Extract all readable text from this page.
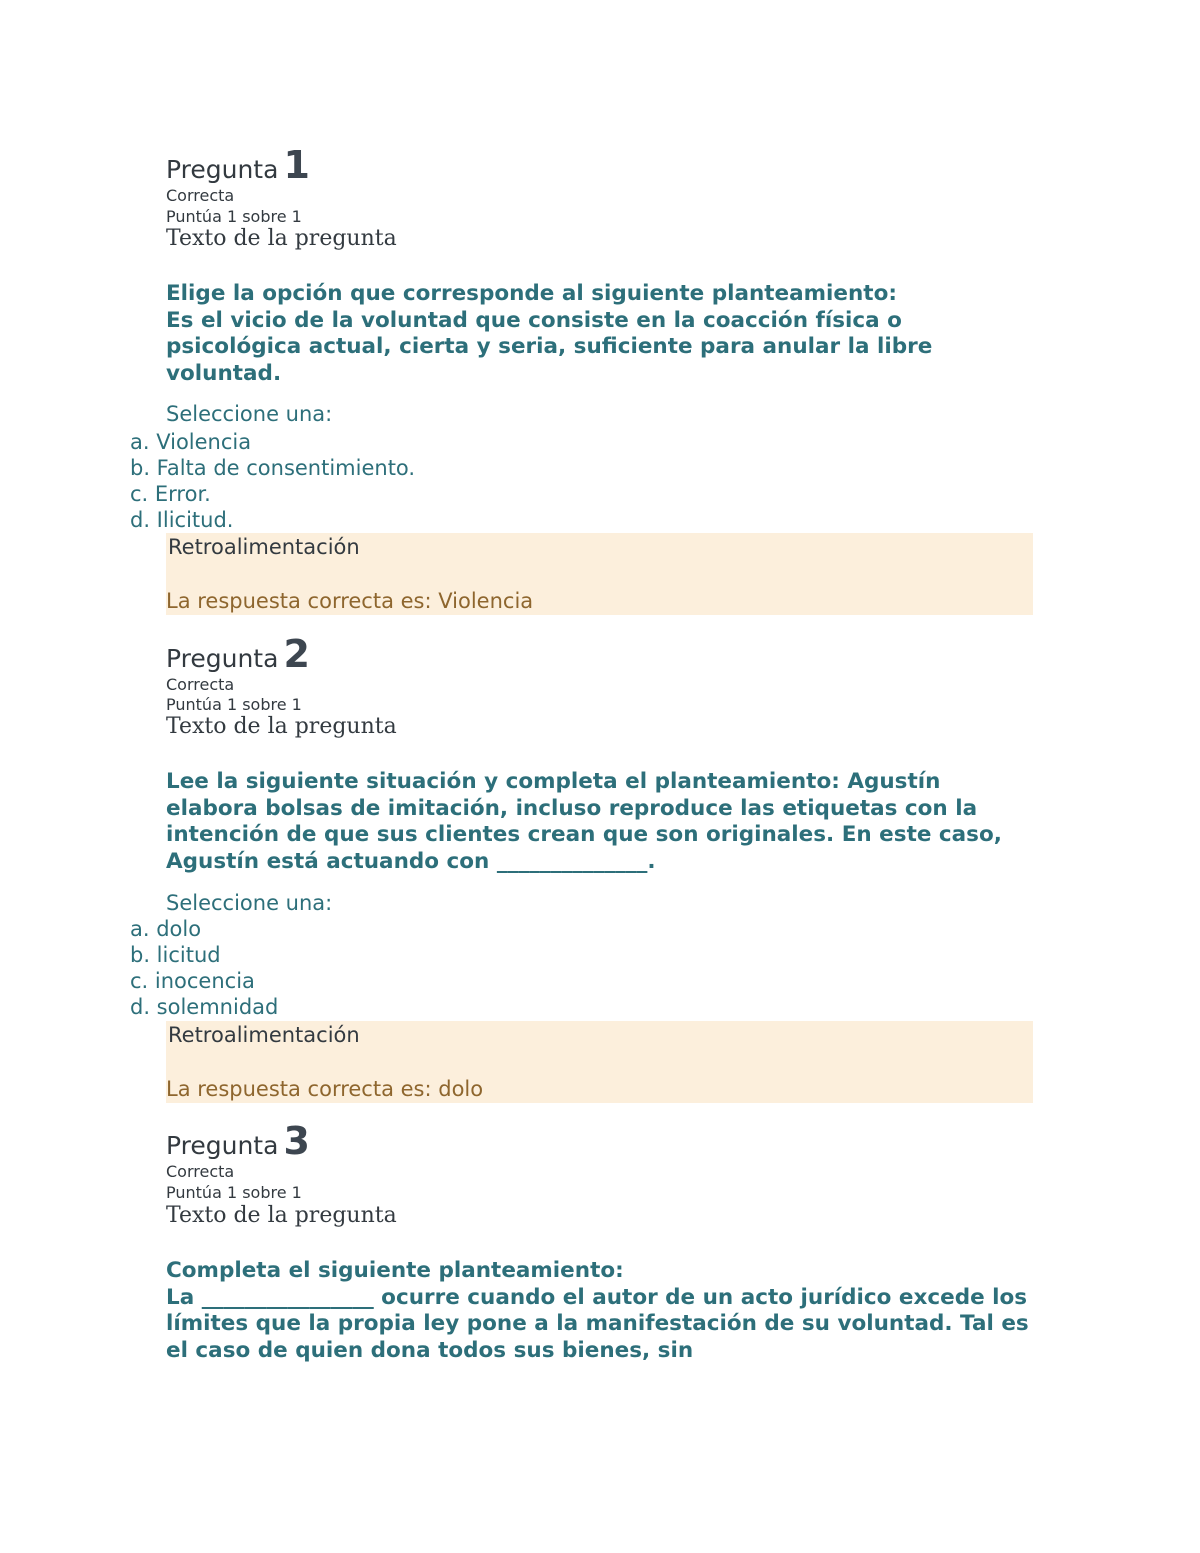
Pregunta 1
Correcta
Puntúa 1 sobre 1
Texto de la pregunta

Elige la opción que corresponde al siguiente planteamiento:

Es el vicio de la voluntad que consiste en la coacción física o psicológica actual, cierta y seria, suficiente para anular la libre voluntad.

Seleccione una:
a. Violencia
b. Falta de consentimiento.
c. Error.
d. Ilicitud.
Retroalimentación
La respuesta correcta es: Violencia
Pregunta 2
Correcta
Puntúa 1 sobre 1
Texto de la pregunta

Lee la siguiente situación y completa el planteamiento: Agustín elabora bolsas de imitación, incluso reproduce las etiquetas con la intención de que sus clientes crean que son originales. En este caso, Agustín está actuando con ______________.

Seleccione una:
a. dolo
b. licitud
c. inocencia
d. solemnidad
Retroalimentación
La respuesta correcta es: dolo
Pregunta 3
Correcta
Puntúa 1 sobre 1
Texto de la pregunta

Completa el siguiente planteamiento:

La ________________ ocurre cuando el autor de un acto jurídico excede los límites que la propia ley pone a la manifestación de su voluntad. Tal es el caso de quien dona todos sus bienes, sin
